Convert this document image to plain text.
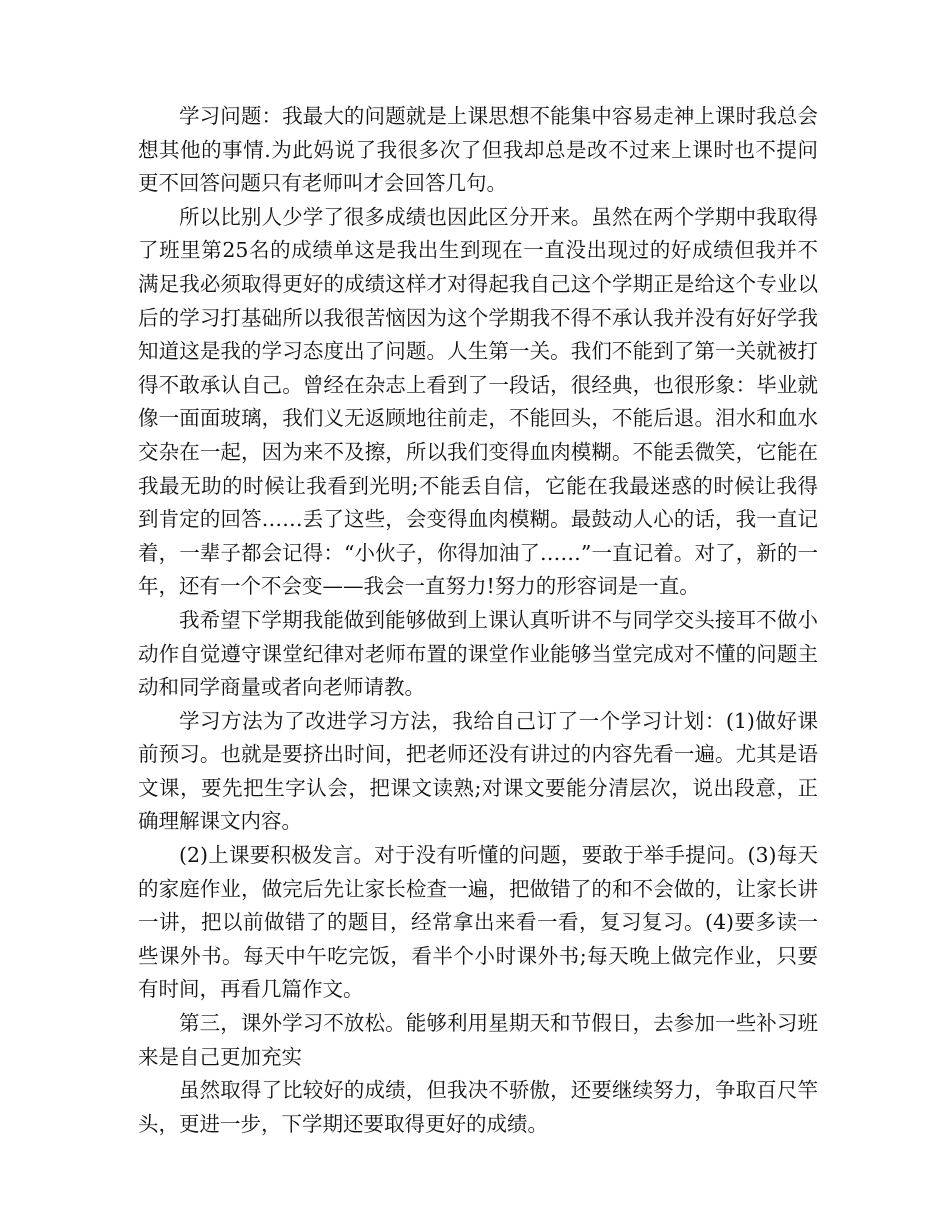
学习问题：我最大的问题就是上课思想不能集中容易走神上课时我总会想其他的事情.为此妈说了我很多次了但我却总是改不过来上课时也不提问更不回答问题只有老师叫才会回答几句。

所以比别人少学了很多成绩也因此区分开来。虽然在两个学期中我取得了班里第25名的成绩单这是我出生到现在一直没出现过的好成绩但我并不满足我必须取得更好的成绩这样才对得起我自己这个学期正是给这个专业以后的学习打基础所以我很苦恼因为这个学期我不得不承认我并没有好好学我知道这是我的学习态度出了问题。人生第一关。我们不能到了第一关就被打得不敢承认自己。曾经在杂志上看到了一段话，很经典，也很形象：毕业就像一面面玻璃，我们义无返顾地往前走，不能回头，不能后退。泪水和血水交杂在一起，因为来不及擦，所以我们变得血肉模糊。不能丢微笑，它能在我最无助的时候让我看到光明;不能丢自信，它能在我最迷惑的时候让我得到肯定的回答……丢了这些，会变得血肉模糊。最鼓动人心的话，我一直记着，一辈子都会记得：“小伙子，你得加油了……”一直记着。对了，新的一年，还有一个不会变——我会一直努力!努力的形容词是一直。

我希望下学期我能做到能够做到上课认真听讲不与同学交头接耳不做小动作自觉遵守课堂纪律对老师布置的课堂作业能够当堂完成对不懂的问题主动和同学商量或者向老师请教。

学习方法为了改进学习方法，我给自己订了一个学习计划：(1)做好课前预习。也就是要挤出时间，把老师还没有讲过的内容先看一遍。尤其是语文课，要先把生字认会，把课文读熟;对课文要能分清层次，说出段意，正确理解课文内容。

(2)上课要积极发言。对于没有听懂的问题，要敢于举手提问。(3)每天的家庭作业，做完后先让家长检查一遍，把做错了的和不会做的，让家长讲一讲，把以前做错了的题目，经常拿出来看一看，复习复习。(4)要多读一些课外书。每天中午吃完饭，看半个小时课外书;每天晚上做完作业，只要有时间，再看几篇作文。

第三，课外学习不放松。能够利用星期天和节假日，去参加一些补习班来是自己更加充实

虽然取得了比较好的成绩，但我决不骄傲，还要继续努力，争取百尺竿头，更进一步，下学期还要取得更好的成绩。
